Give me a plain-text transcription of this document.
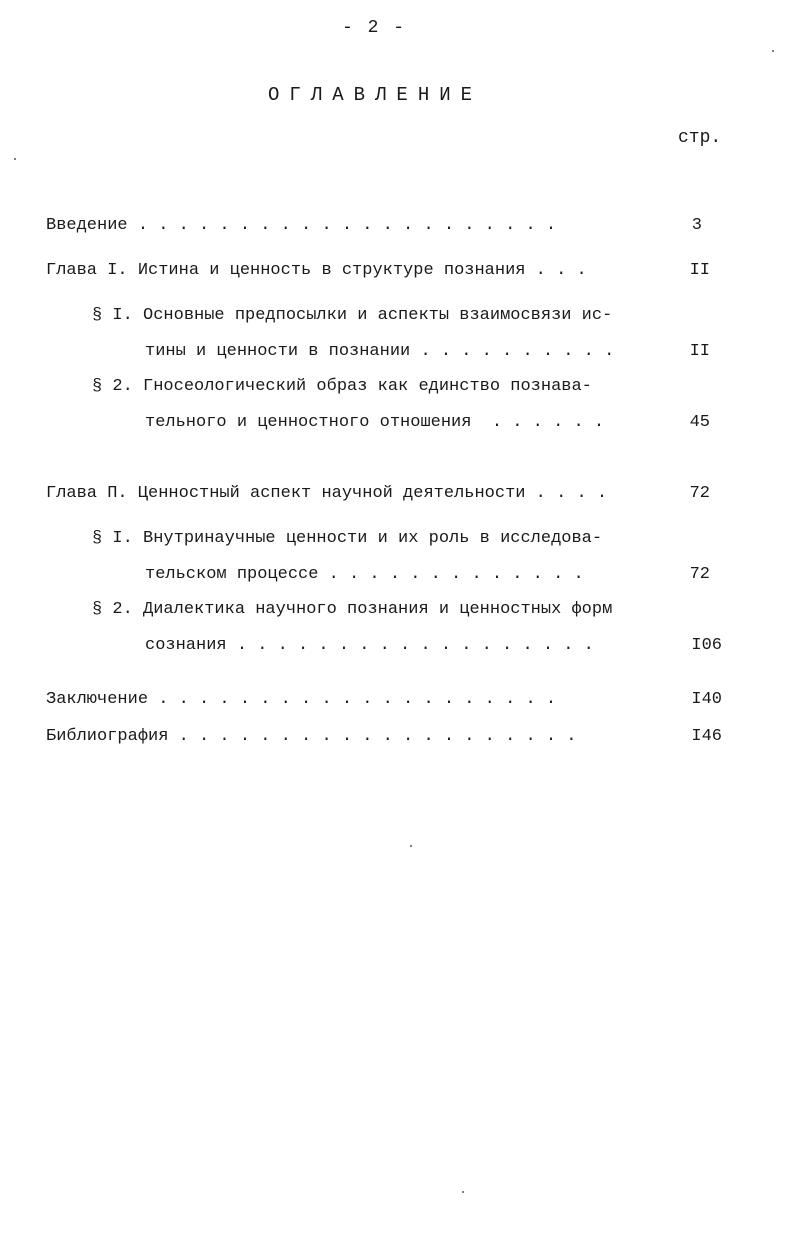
- 2 -
ОГЛАВЛЕНИЕ
стр.
Введение . . . . . . . . . . . . . . . . . . . . .	3
Глава I. Истина и ценность в структуре познания . . .	II
§ I. Основные предпосылки и аспекты взаимосвязи ис-
тины и ценности в познании . . . . . . . . . .	II
§ 2. Гносеологический образ как единство познава-
тельного и ценностного отношения  . . . . . .	45
Глава П. Ценностный аспект научной деятельности . . . .	72
§ I. Внутринаучные ценности и их роль в исследова-
тельском процессе . . . . . . . . . . . . .	72
§ 2. Диалектика научного познания и ценностных форм
сознания . . . . . . . . . . . . . . . . . .	I06
Заключение . . . . . . . . . . . . . . . . . . . .	I40
Библиография . . . . . . . . . . . . . . . . . . . .	I46
